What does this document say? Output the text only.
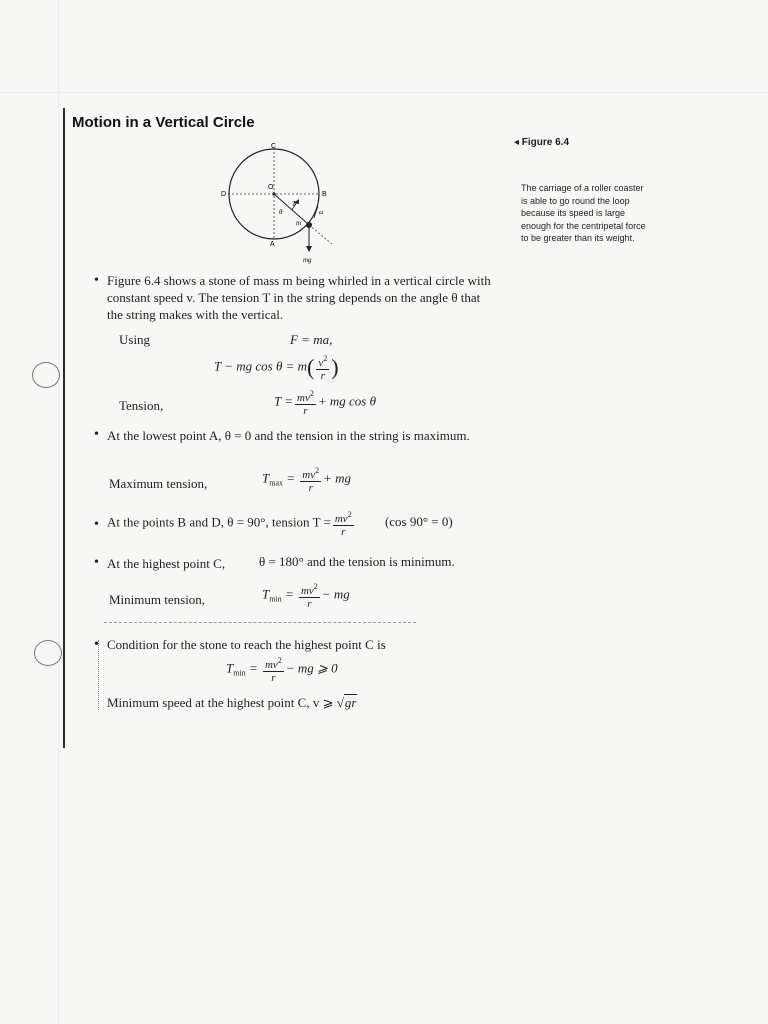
Motion in a Vertical Circle
C
D	B
A
O
T
θ
m
mg
ω
◂ Figure 6.4
The carriage of a roller coaster is able to go round the loop because its speed is large enough for the centripetal force to be greater than its weight.
• Figure 6.4 shows a stone of mass m being whirled in a vertical circle with constant speed v. The tension T in the string depends on the angle θ that the string makes with the vertical.
Using	F = ma,
T − mg $\cos \theta = m( \frac{v^2}{r}$ )
Tension,	$T = \frac{mv^2}{r}$ + mg cos θ
• At the lowest point A, θ = 0 and the tension in the string is maximum.
Maximum tension,	$T_{max} = \frac{mv^2}{r}$ + mg
• At the points B and D, θ = 90°, tension $T = \frac{mv^2}{r} (\cos$ 90° = 0)
• At the highest point C,	θ = 180° and the tension is minimum.
Minimum tension,	$T_{min} = \frac{mv^2}{r}$ − mg
• Condition for the stone to reach the highest point C is
$T_{min} = \frac{mv^2}{r}$ − mg ⩾ 0
Minimum speed at the highest point C, v ⩾ √gr
